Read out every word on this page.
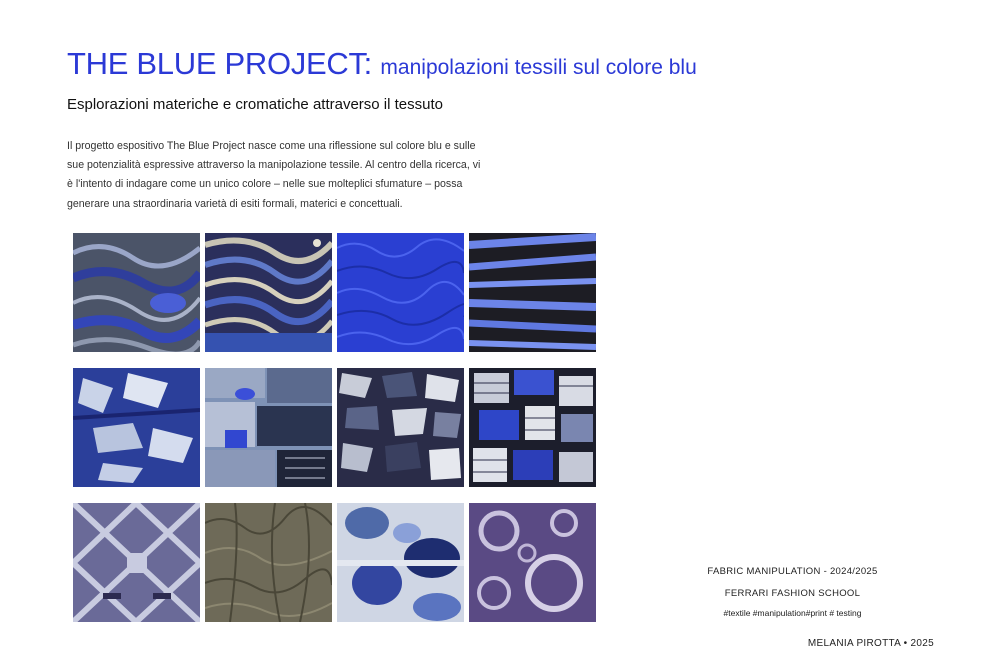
THE BLUE PROJECT: manipolazioni tessili sul colore blu
Esplorazioni materiche e cromatiche attraverso il tessuto
Il progetto espositivo The Blue Project nasce come una riflessione sul colore blu e sulle sue potenzialità espressive attraverso la manipolazione tessile. Al centro della ricerca, vi è l'intento di indagare come un unico colore – nelle sue molteplici sfumature – possa generare una straordinaria varietà di esiti formali, materici e concettuali.
FABRIC MANIPULATION - 2024/2025
FERRARI FASHION SCHOOL
#textile #manipulation#print # testing
MELANIA PIROTTA • 2025
